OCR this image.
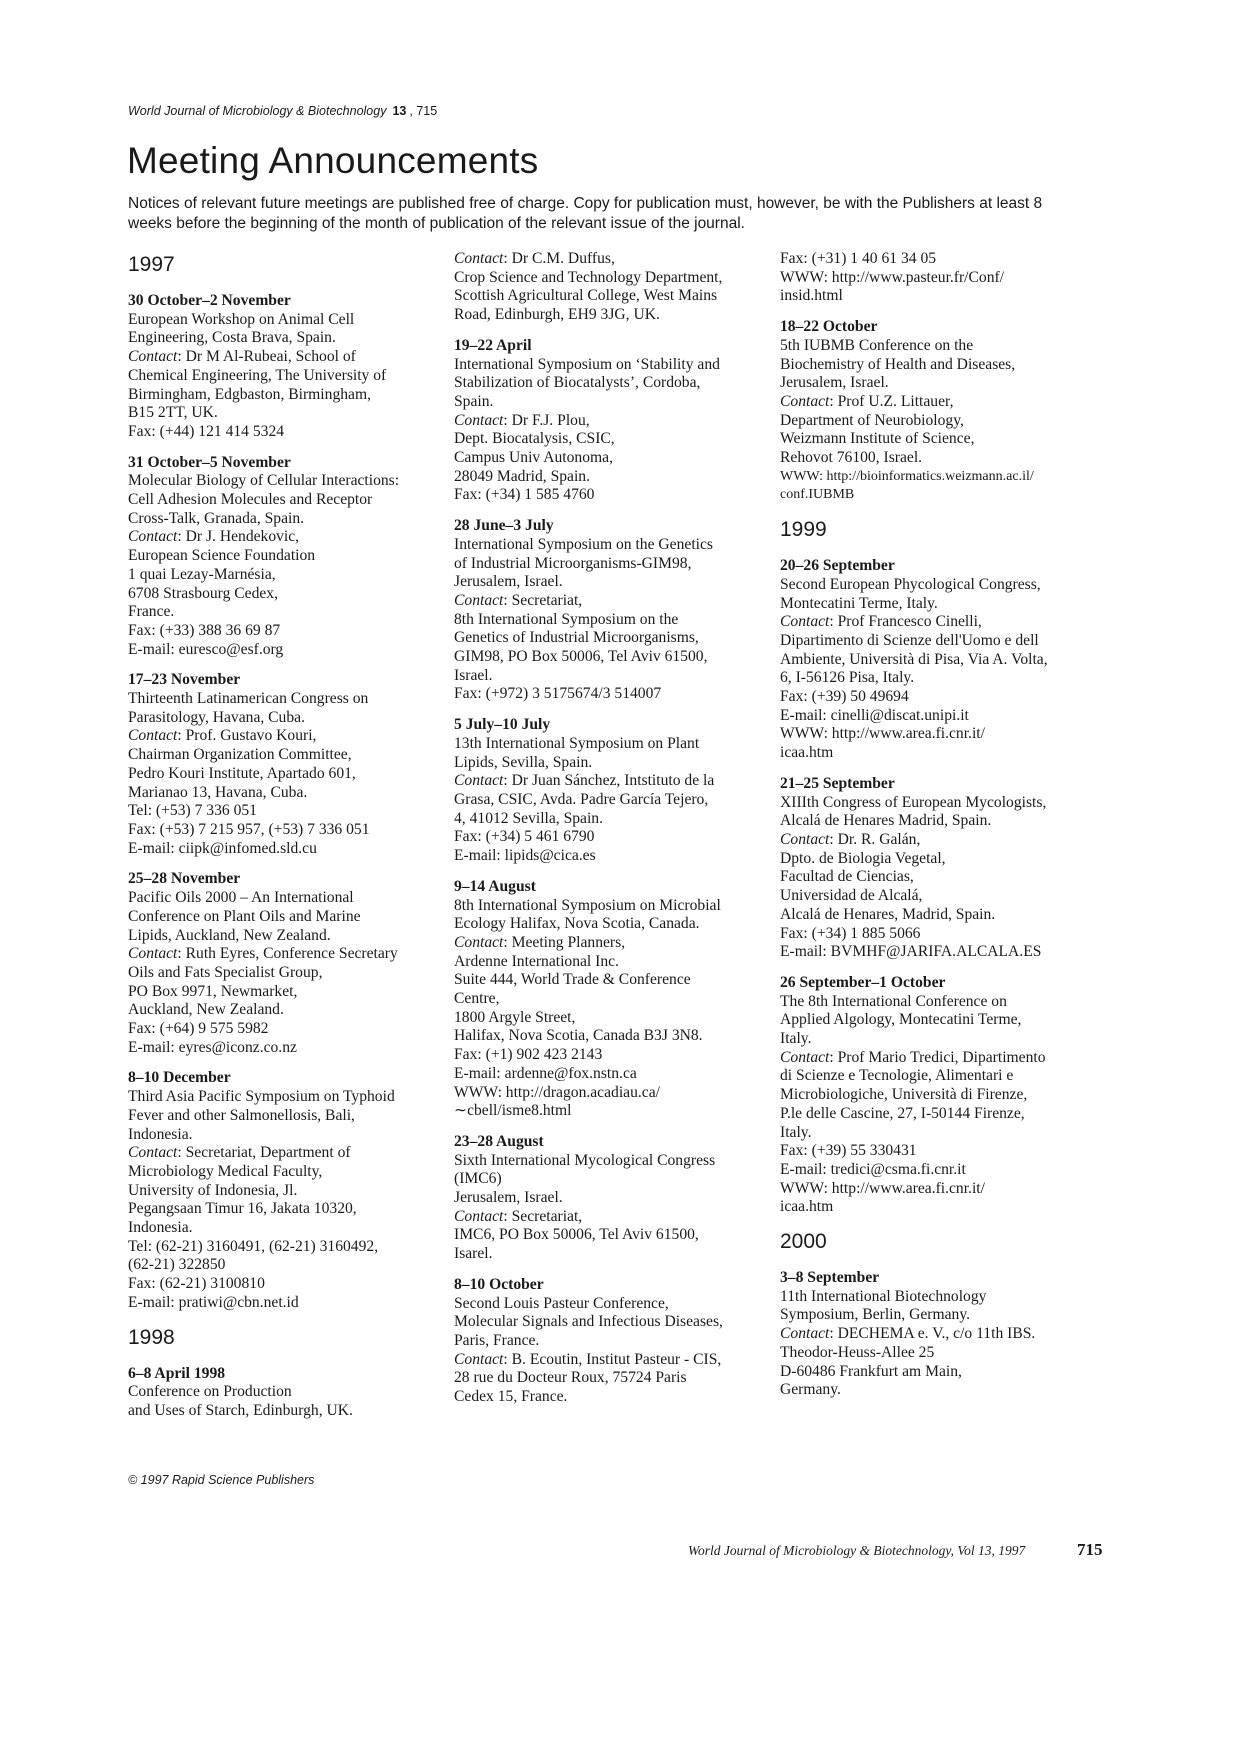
World Journal of Microbiology & Biotechnology 13 , 715
Meeting Announcements

Notices of relevant future meetings are published free of charge. Copy for publication must, however, be with the Publishers at least 8 weeks before the beginning of the month of publication of the relevant issue of the journal.

1997
30 October–2 November
European Workshop on Animal Cell
Engineering, Costa Brava, Spain.
Contact: Dr M Al-Rubeai, School of
Chemical Engineering, The University of
Birmingham, Edgbaston, Birmingham,
B15 2TT, UK.
Fax: (+44) 121 414 5324
31 October–5 November
Molecular Biology of Cellular Interactions:
Cell Adhesion Molecules and Receptor
Cross-Talk, Granada, Spain.
Contact: Dr J. Hendekovic,
European Science Foundation
1 quai Lezay-Marnésia,
6708 Strasbourg Cedex,
France.
Fax: (+33) 388 36 69 87
E-mail: euresco@esf.org
17–23 November
Thirteenth Latinamerican Congress on
Parasitology, Havana, Cuba.
Contact: Prof. Gustavo Kouri,
Chairman Organization Committee,
Pedro Kouri Institute, Apartado 601,
Marianao 13, Havana, Cuba.
Tel: (+53) 7 336 051
Fax: (+53) 7 215 957, (+53) 7 336 051
E-mail: ciipk@infomed.sld.cu
25–28 November
Pacific Oils 2000 – An International
Conference on Plant Oils and Marine
Lipids, Auckland, New Zealand.
Contact: Ruth Eyres, Conference Secretary
Oils and Fats Specialist Group,
PO Box 9971, Newmarket,
Auckland, New Zealand.
Fax: (+64) 9 575 5982
E-mail: eyres@iconz.co.nz
8–10 December
Third Asia Pacific Symposium on Typhoid
Fever and other Salmonellosis, Bali,
Indonesia.
Contact: Secretariat, Department of
Microbiology Medical Faculty,
University of Indonesia, Jl.
Pegangsaan Timur 16, Jakata 10320,
Indonesia.
Tel: (62-21) 3160491, (62-21) 3160492,
(62-21) 322850
Fax: (62-21) 3100810
E-mail: pratiwi@cbn.net.id
1998
6–8 April 1998
Conference on Production
and Uses of Starch, Edinburgh, UK.
Contact: Dr C.M. Duffus,
Crop Science and Technology Department,
Scottish Agricultural College, West Mains
Road, Edinburgh, EH9 3JG, UK.
19–22 April
International Symposium on ‘Stability and
Stabilization of Biocatalysts’, Cordoba,
Spain.
Contact: Dr F.J. Plou,
Dept. Biocatalysis, CSIC,
Campus Univ Autonoma,
28049 Madrid, Spain.
Fax: (+34) 1 585 4760
28 June–3 July
International Symposium on the Genetics
of Industrial Microorganisms-GIM98,
Jerusalem, Israel.
Contact: Secretariat,
8th International Symposium on the
Genetics of Industrial Microorganisms,
GIM98, PO Box 50006, Tel Aviv 61500,
Israel.
Fax: (+972) 3 5175674/3 514007
5 July–10 July
13th International Symposium on Plant
Lipids, Sevilla, Spain.
Contact: Dr Juan Sánchez, Intstituto de la
Grasa, CSIC, Avda. Padre García Tejero,
4, 41012 Sevilla, Spain.
Fax: (+34) 5 461 6790
E-mail: lipids@cica.es
9–14 August
8th International Symposium on Microbial
Ecology Halifax, Nova Scotia, Canada.
Contact: Meeting Planners,
Ardenne International Inc.
Suite 444, World Trade & Conference
Centre,
1800 Argyle Street,
Halifax, Nova Scotia, Canada B3J 3N8.
Fax: (+1) 902 423 2143
E-mail: ardenne@fox.nstn.ca
WWW: http://dragon.acadiau.ca/
∼cbell/isme8.html
23–28 August
Sixth International Mycological Congress
(IMC6)
Jerusalem, Israel.
Contact: Secretariat,
IMC6, PO Box 50006, Tel Aviv 61500,
Isarel.
8–10 October
Second Louis Pasteur Conference,
Molecular Signals and Infectious Diseases,
Paris, France.
Contact: B. Ecoutin, Institut Pasteur - CIS,
28 rue du Docteur Roux, 75724 Paris
Cedex 15, France.
Fax: (+31) 1 40 61 34 05
WWW: http://www.pasteur.fr/Conf/
insid.html
18–22 October
5th IUBMB Conference on the
Biochemistry of Health and Diseases,
Jerusalem, Israel.
Contact: Prof U.Z. Littauer,
Department of Neurobiology,
Weizmann Institute of Science,
Rehovot 76100, Israel.
WWW: http://bioinformatics.weizmann.ac.il/
conf.IUBMB
1999
20–26 September
Second European Phycological Congress,
Montecatini Terme, Italy.
Contact: Prof Francesco Cinelli,
Dipartimento di Scienze dell'Uomo e dell
Ambiente, Università di Pisa, Via A. Volta,
6, I-56126 Pisa, Italy.
Fax: (+39) 50 49694
E-mail: cinelli@discat.unipi.it
WWW: http://www.area.fi.cnr.it/
icaa.htm
21–25 September
XIIIth Congress of European Mycologists,
Alcalá de Henares Madrid, Spain.
Contact: Dr. R. Galán,
Dpto. de Biologia Vegetal,
Facultad de Ciencias,
Universidad de Alcalá,
Alcalá de Henares, Madrid, Spain.
Fax: (+34) 1 885 5066
E-mail: BVMHF@JARIFA.ALCALA.ES
26 September–1 October
The 8th International Conference on
Applied Algology, Montecatini Terme,
Italy.
Contact: Prof Mario Tredici, Dipartimento
di Scienze e Tecnologie, Alimentari e
Microbiologiche, Università di Firenze,
P.le delle Cascine, 27, I-50144 Firenze,
Italy.
Fax: (+39) 55 330431
E-mail: tredici@csma.fi.cnr.it
WWW: http://www.area.fi.cnr.it/
icaa.htm
2000
3–8 September
11th International Biotechnology
Symposium, Berlin, Germany.
Contact: DECHEMA e. V., c/o 11th IBS.
Theodor-Heuss-Allee 25
D-60486 Frankfurt am Main,
Germany.
© 1997 Rapid Science Publishers
World Journal of Microbiology & Biotechnology, Vol 13, 1997	715
